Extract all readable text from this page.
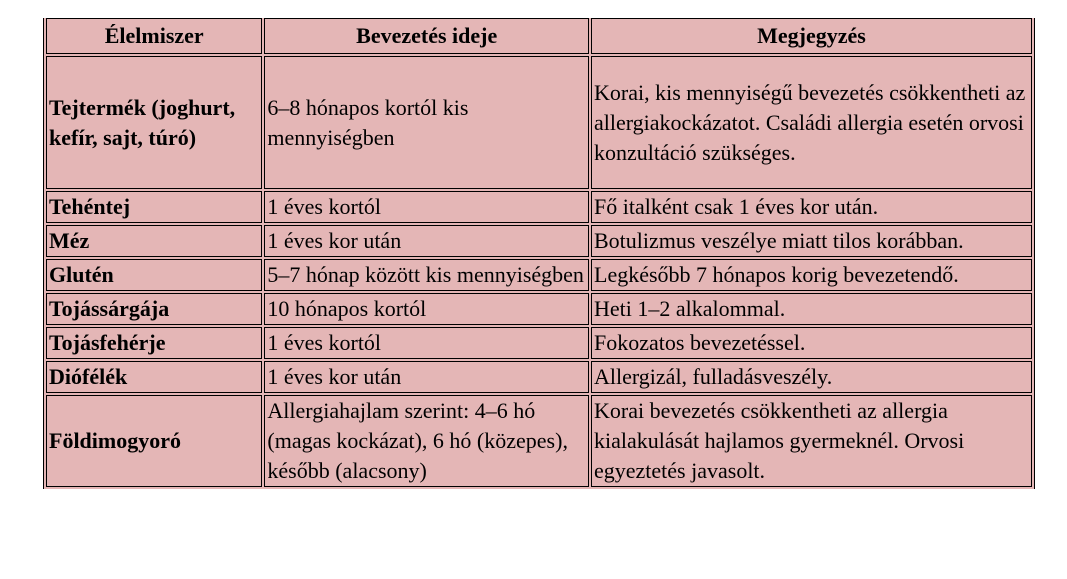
Élelmiszer	Bevezetés ideje	Megjegyzés
Tejtermék (joghurt, kefír, sajt, túró)	6–8 hónapos kortól kis mennyiségben	Korai, kis mennyiségű bevezetés csökkentheti az allergiakockázatot. Családi allergia esetén orvosi konzultáció szükséges.
Tehéntej	1 éves kortól	Fő italként csak 1 éves kor után.
Méz	1 éves kor után	Botulizmus veszélye miatt tilos korábban.
Glutén	5–7 hónap között kis mennyiségben	Legkésőbb 7 hónapos korig bevezetendő.
Tojássárgája	10 hónapos kortól	Heti 1–2 alkalommal.
Tojásfehérje	1 éves kortól	Fokozatos bevezetéssel.
Diófélék	1 éves kor után	Allergizál, fulladásveszély.
Földimogyoró	Allergiahajlam szerint: 4–6 hó (magas kockázat), 6 hó (közepes), később (alacsony)	Korai bevezetés csökkentheti az allergia kialakulását hajlamos gyermeknél. Orvosi egyeztetés javasolt.
